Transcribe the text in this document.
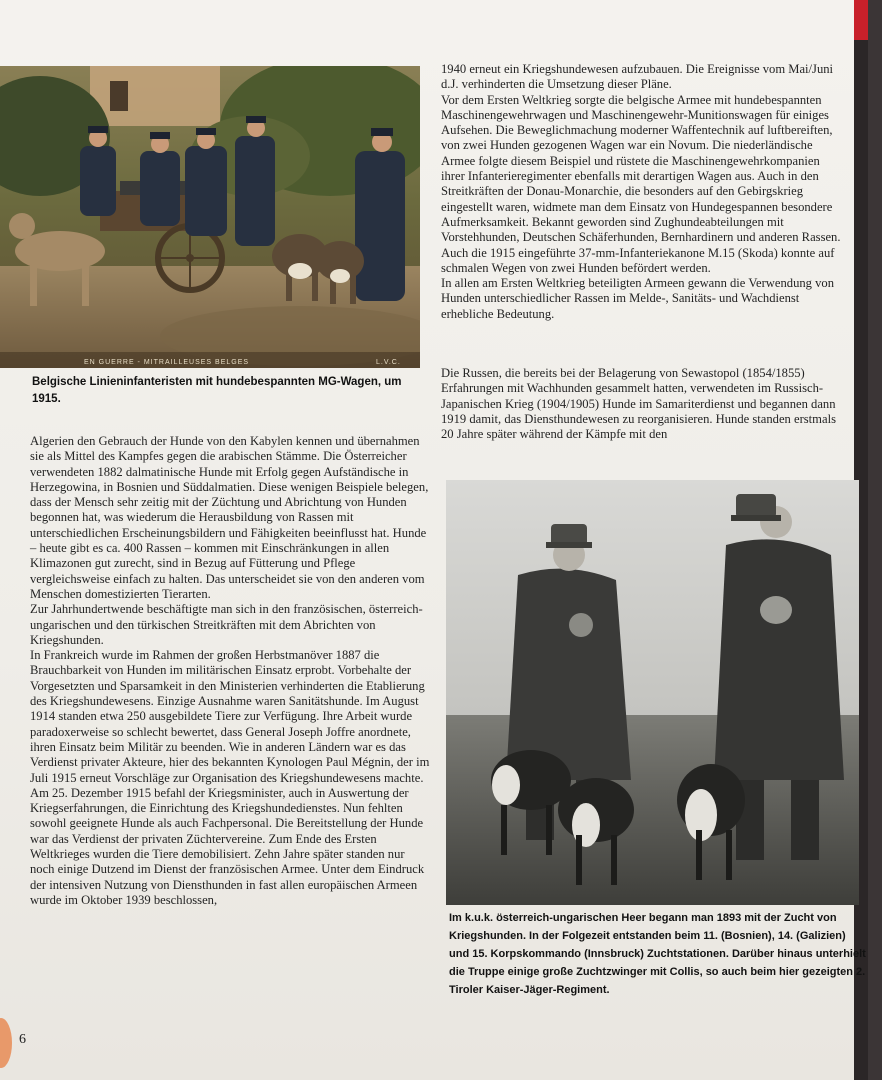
EN GUERRE - MITRAILLEUSES BELGES	L.V.C.
Belgische Linieninfanteristen mit hundebespannten MG-Wagen, um 1915.

1940 erneut ein Kriegshundewesen aufzubauen. Die Ereignisse vom Mai/Juni d.J. verhinderten die Umsetzung dieser Pläne.

Vor dem Ersten Weltkrieg sorgte die belgische Armee mit hundebespannten Maschinengewehrwagen und Maschinengewehr-Munitionswagen für einiges Aufsehen. Die Beweglichmachung moderner Waffentechnik auf luftbereiften, von zwei Hunden gezogenen Wagen war ein Novum. Die niederländische Armee folgte diesem Beispiel und rüstete die Maschinengewehrkompanien ihrer Infanterieregimenter ebenfalls mit derartigen Wagen aus. Auch in den Streitkräften der Donau-Monarchie, die besonders auf den Gebirgskrieg eingestellt waren, widmete man dem Einsatz von Hundegespannen besondere Aufmerksamkeit. Bekannt geworden sind Zughundeabteilungen mit Vorstehhunden, Deutschen Schäferhunden, Bernhardinern und anderen Rassen. Auch die 1915 eingeführte 37-mm-Infanteriekanone M.15 (Skoda) konnte auf schmalen Wegen von zwei Hunden befördert werden.

In allen am Ersten Weltkrieg beteiligten Armeen gewann die Verwendung von Hunden unterschiedlicher Rassen im Melde-, Sanitäts- und Wachdienst erhebliche Bedeutung.

Die Russen, die bereits bei der Belagerung von Sewastopol (1854/1855) Erfahrungen mit Wachhunden gesammelt hatten, verwendeten im Russisch-Japanischen Krieg (1904/1905) Hunde im Samariterdienst und begannen dann 1919 damit, das Diensthundewesen zu reorganisieren. Hunde standen erstmals 20 Jahre später während der Kämpfe mit den

Algerien den Gebrauch der Hunde von den Kabylen kennen und übernahmen sie als Mittel des Kampfes gegen die arabischen Stämme. Die Österreicher verwendeten 1882 dalmatinische Hunde mit Erfolg gegen Aufständische in Herzegowina, in Bosnien und Süddalmatien. Diese wenigen Beispiele belegen, dass der Mensch sehr zeitig mit der Züchtung und Abrichtung von Hunden begonnen hat, was wiederum die Herausbildung von Rassen mit unterschiedlichen Erscheinungsbildern und Fähigkeiten beeinflusst hat. Hunde – heute gibt es ca. 400 Rassen – kommen mit Einschränkungen in allen Klimazonen gut zurecht, sind in Bezug auf Fütterung und Pflege vergleichsweise einfach zu halten. Das unterscheidet sie von den anderen vom Menschen domestizierten Tierarten.

Zur Jahrhundertwende beschäftigte man sich in den französischen, österreich-ungarischen und den türkischen Streitkräften mit dem Abrichten von Kriegshunden.

In Frankreich wurde im Rahmen der großen Herbstmanöver 1887 die Brauchbarkeit von Hunden im militärischen Einsatz erprobt. Vorbehalte der Vorgesetzten und Sparsamkeit in den Ministerien verhinderten die Etablierung des Kriegshundewesens. Einzige Ausnahme waren Sanitätshunde. Im August 1914 standen etwa 250 ausgebildete Tiere zur Verfügung. Ihre Arbeit wurde paradoxerweise so schlecht bewertet, dass General Joseph Joffre anordnete, ihren Einsatz beim Militär zu beenden. Wie in anderen Ländern war es das Verdienst privater Akteure, hier des bekannten Kynologen Paul Mégnin, der im Juli 1915 erneut Vorschläge zur Organisation des Kriegshundewesens machte. Am 25. Dezember 1915 befahl der Kriegsminister, auch in Auswertung der Kriegserfahrungen, die Einrichtung des Kriegshundedienstes. Nun fehlten sowohl geeignete Hunde als auch Fachpersonal. Die Bereitstellung der Hunde war das Verdienst der privaten Züchtervereine. Zum Ende des Ersten Weltkrieges wurden die Tiere demobilisiert. Zehn Jahre später standen nur noch einige Dutzend im Dienst der französischen Armee. Unter dem Eindruck der intensiven Nutzung von Diensthunden in fast allen europäischen Armeen wurde im Oktober 1939 beschlossen,

Im k.u.k. österreich-ungarischen Heer begann man 1893 mit der Zucht von Kriegshunden. In der Folgezeit entstanden beim 11. (Bosnien), 14. (Galizien) und 15. Korpskommando (Innsbruck) Zuchtstationen. Darüber hinaus unterhielt die Truppe einige große Zuchtzwinger mit Collis, so auch beim hier gezeigten 2. Tiroler Kaiser-Jäger-Regiment.
6
